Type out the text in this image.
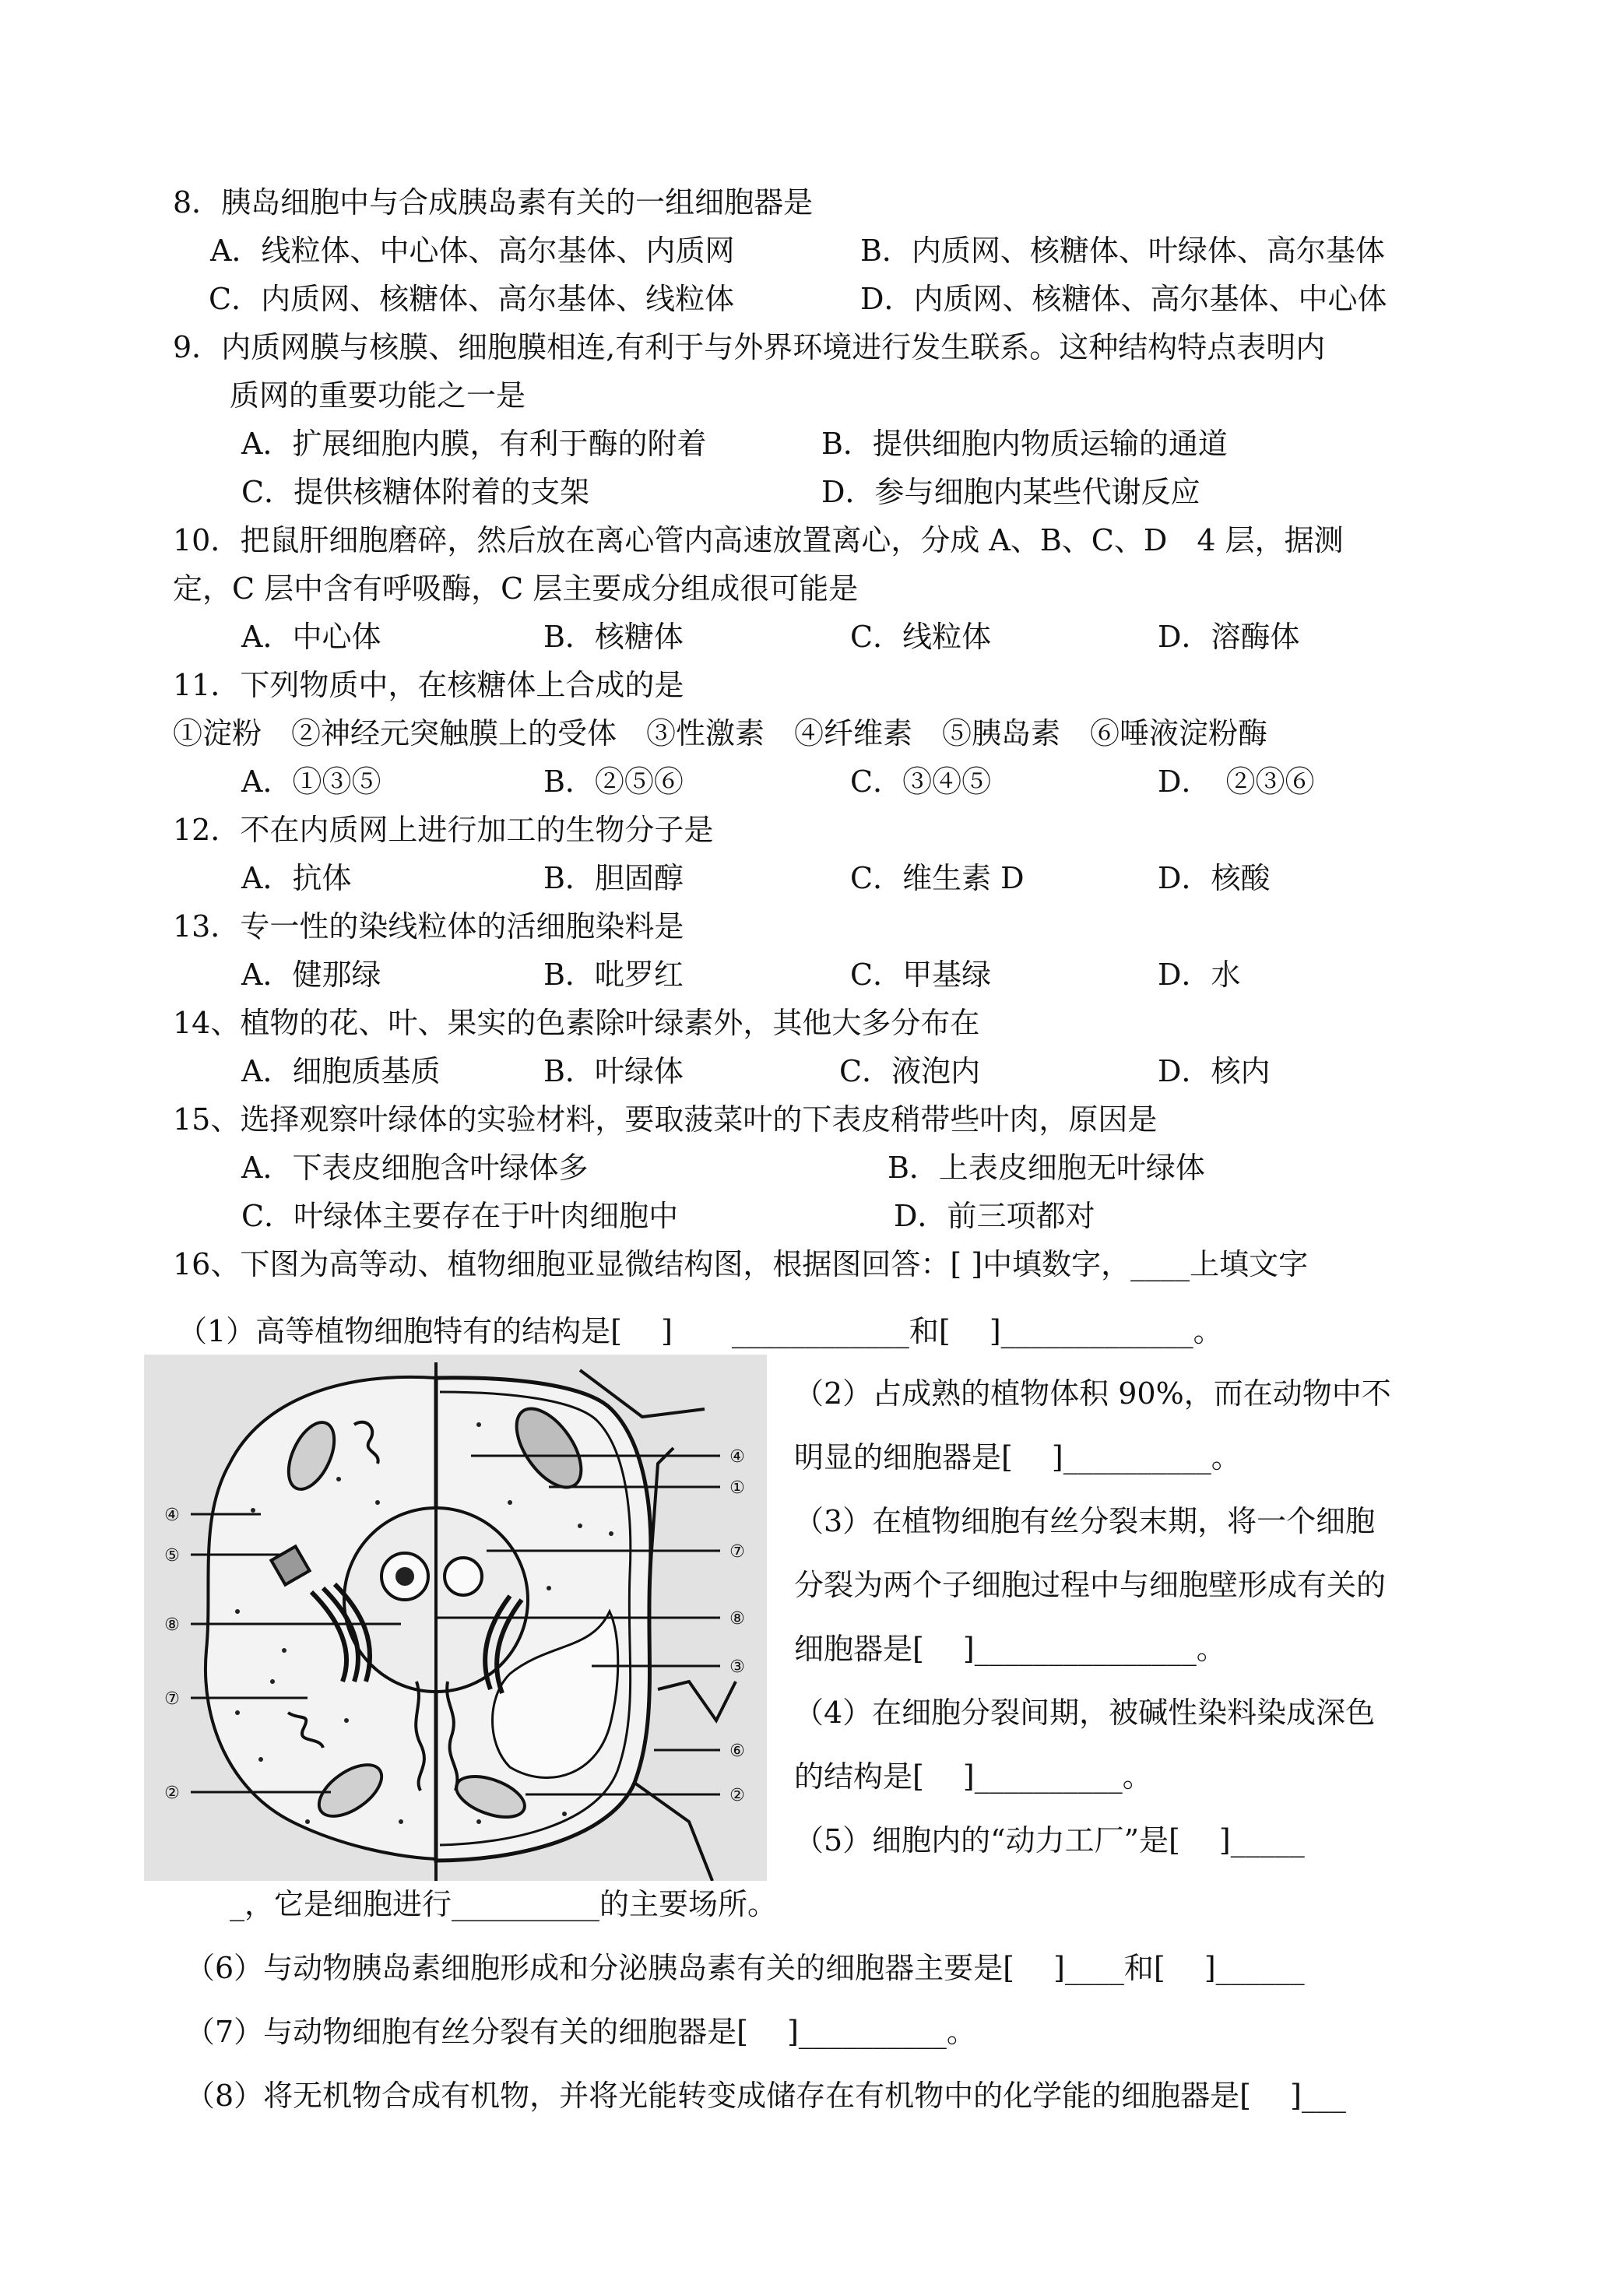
8．胰岛细胞中与合成胰岛素有关的一组细胞器是
A．线粒体、中心体、高尔基体、内质网	B．内质网、核糖体、叶绿体、高尔基体
C．内质网、核糖体、高尔基体、线粒体	D．内质网、核糖体、高尔基体、中心体
9．内质网膜与核膜、细胞膜相连,有利于与外界环境进行发生联系。这种结构特点表明内
质网的重要功能之一是
A．扩展细胞内膜，有利于酶的附着	B．提供细胞内物质运输的通道
C．提供核糖体附着的支架	D．参与细胞内某些代谢反应
10．把鼠肝细胞磨碎，然后放在离心管内高速放置离心，分成 A、B、C、D　4 层，据测
定，C 层中含有呼吸酶，C 层主要成分组成很可能是
A．中心体	B．核糖体	C．线粒体	D．溶酶体
11．下列物质中，在核糖体上合成的是
①淀粉　②神经元突触膜上的受体　③性激素　④纤维素　⑤胰岛素　⑥唾液淀粉酶
A．①③⑤	B．②⑤⑥	C．③④⑤	D．　②③⑥
12．不在内质网上进行加工的生物分子是
A．抗体	B．胆固醇	C．维生素 D	D．核酸
13．专一性的染线粒体的活细胞染料是
A．健那绿	B．吡罗红	C．甲基绿	D．水
14、植物的花、叶、果实的色素除叶绿素外，其他大多分布在
A．细胞质基质	B．叶绿体	C．液泡内	D．核内
15、选择观察叶绿体的实验材料，要取菠菜叶的下表皮稍带些叶肉，原因是
A．下表皮细胞含叶绿体多	B．上表皮细胞无叶绿体
C．叶绿体主要存在于叶肉细胞中	D．前三项都对
16、下图为高等动、植物细胞亚显微结构图，根据图回答：[ ]中填数字，____上填文字
（1）高等植物细胞特有的结构是[　 ]　　____________和[　 ]_____________。
④
⑤
⑧
⑦
②
④
①
⑦
⑧
③
⑥
②
（2）占成熟的植物体积 90%，而在动物中不
明显的细胞器是[　 ]__________。
（3）在植物细胞有丝分裂末期，将一个细胞
分裂为两个子细胞过程中与细胞壁形成有关的
细胞器是[　 ]_______________。
（4）在细胞分裂间期，被碱性染料染成深色
的结构是[　 ]__________。
（5）细胞内的“动力工厂”是[　 ]_____
_，它是细胞进行__________的主要场所。
（6）与动物胰岛素细胞形成和分泌胰岛素有关的细胞器主要是[　 ]____和[　 ]______
（7）与动物细胞有丝分裂有关的细胞器是[　 ]__________。
（8）将无机物合成有机物，并将光能转变成储存在有机物中的化学能的细胞器是[　 ]___
